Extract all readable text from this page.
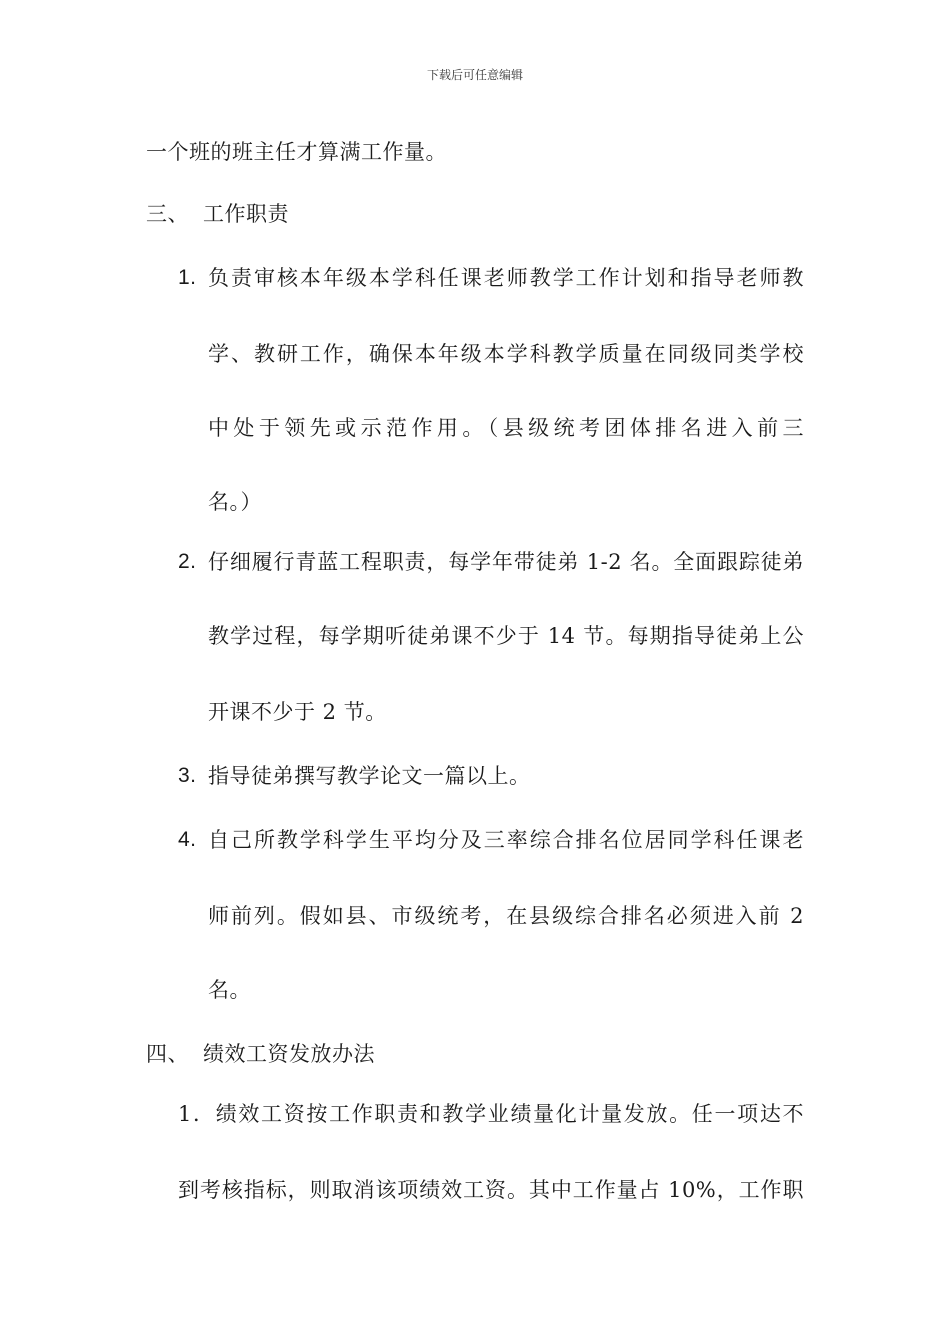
下载后可任意编辑
一个班的班主任才算满工作量。
三、 工作职责
1. 负责审核本年级本学科任课老师教学工作计划和指导老师教
学、教研工作，确保本年级本学科教学质量在同级同类学校
中处于领先或示范作用。（县级统考团体排名进入前三
名。）
2. 仔细履行青蓝工程职责，每学年带徒弟 1-2 名。全面跟踪徒弟
教学过程，每学期听徒弟课不少于 14 节。每期指导徒弟上公
开课不少于 2 节。
3. 指导徒弟撰写教学论文一篇以上。
4. 自己所教学科学生平均分及三率综合排名位居同学科任课老
师前列。假如县、市级统考，在县级综合排名必须进入前 2
名。
四、 绩效工资发放办法
1．绩效工资按工作职责和教学业绩量化计量发放。任一项达不
到考核指标，则取消该项绩效工资。其中工作量占 10%，工作职
